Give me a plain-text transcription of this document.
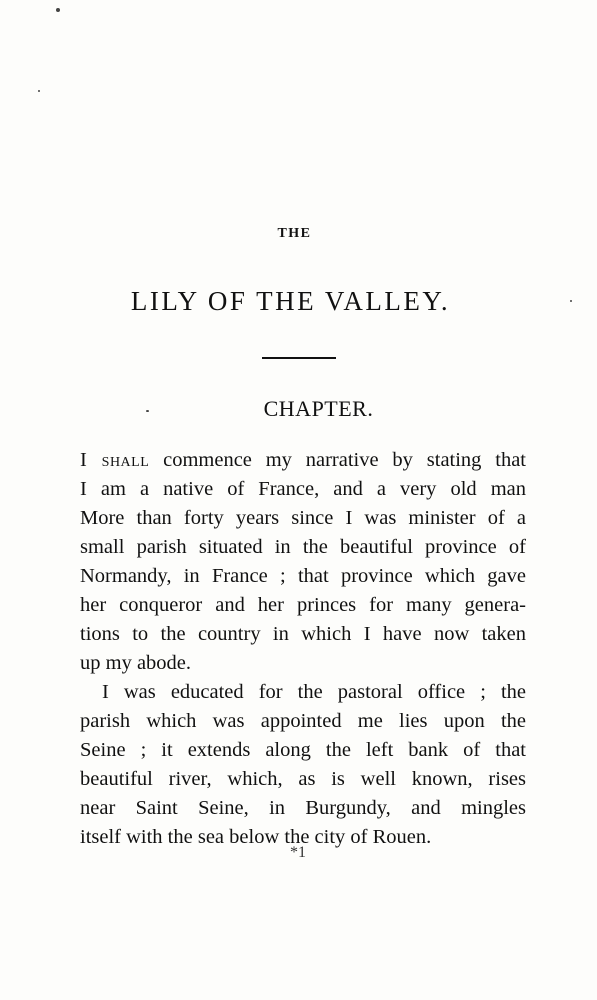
THE
LILY OF THE VALLEY.
CHAPTER.
I shall commence my narrative by stating that
I am a native of France, and a very old man
More than forty years since I was minister of a
small parish situated in the beautiful province of
Normandy, in France ; that province which gave
her conqueror and her princes for many genera-
tions to the country in which I have now taken
up my abode.
I was educated for the pastoral office ; the
parish which was appointed me lies upon the
Seine ; it extends along the left bank of that
beautiful river, which, as is well known, rises
near Saint Seine, in Burgundy, and mingles
itself with the sea below the city of Rouen.
*1
